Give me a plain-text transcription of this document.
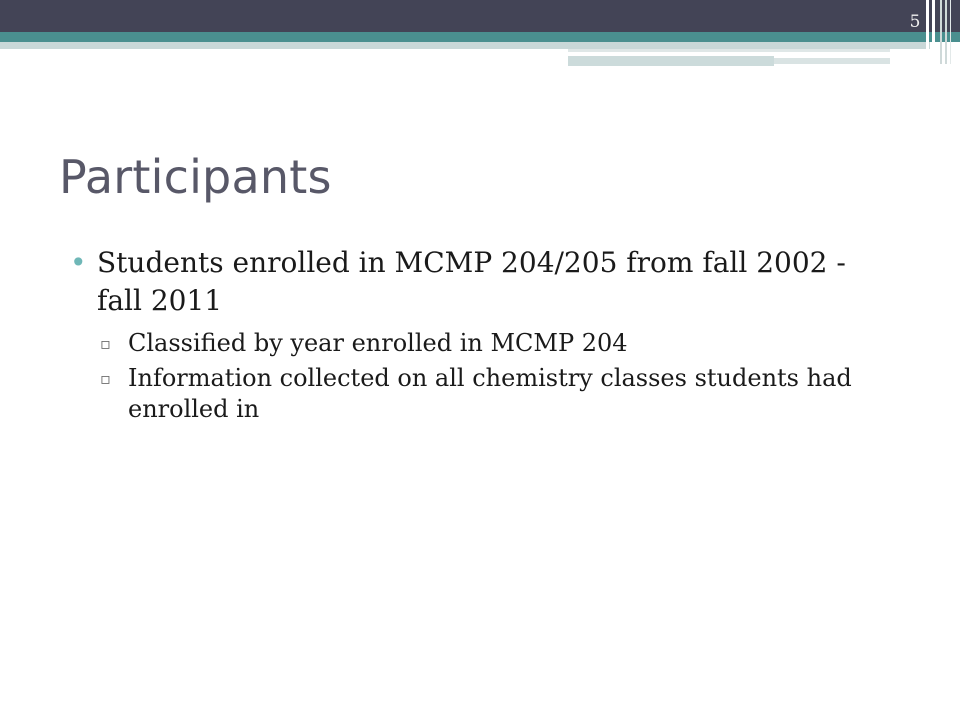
5
Participants

• Students enrolled in MCMP 204/205 from fall 2002 - fall 2011

▫ Classified by year enrolled in MCMP 204

▫ Information collected on all chemistry classes students had enrolled in
